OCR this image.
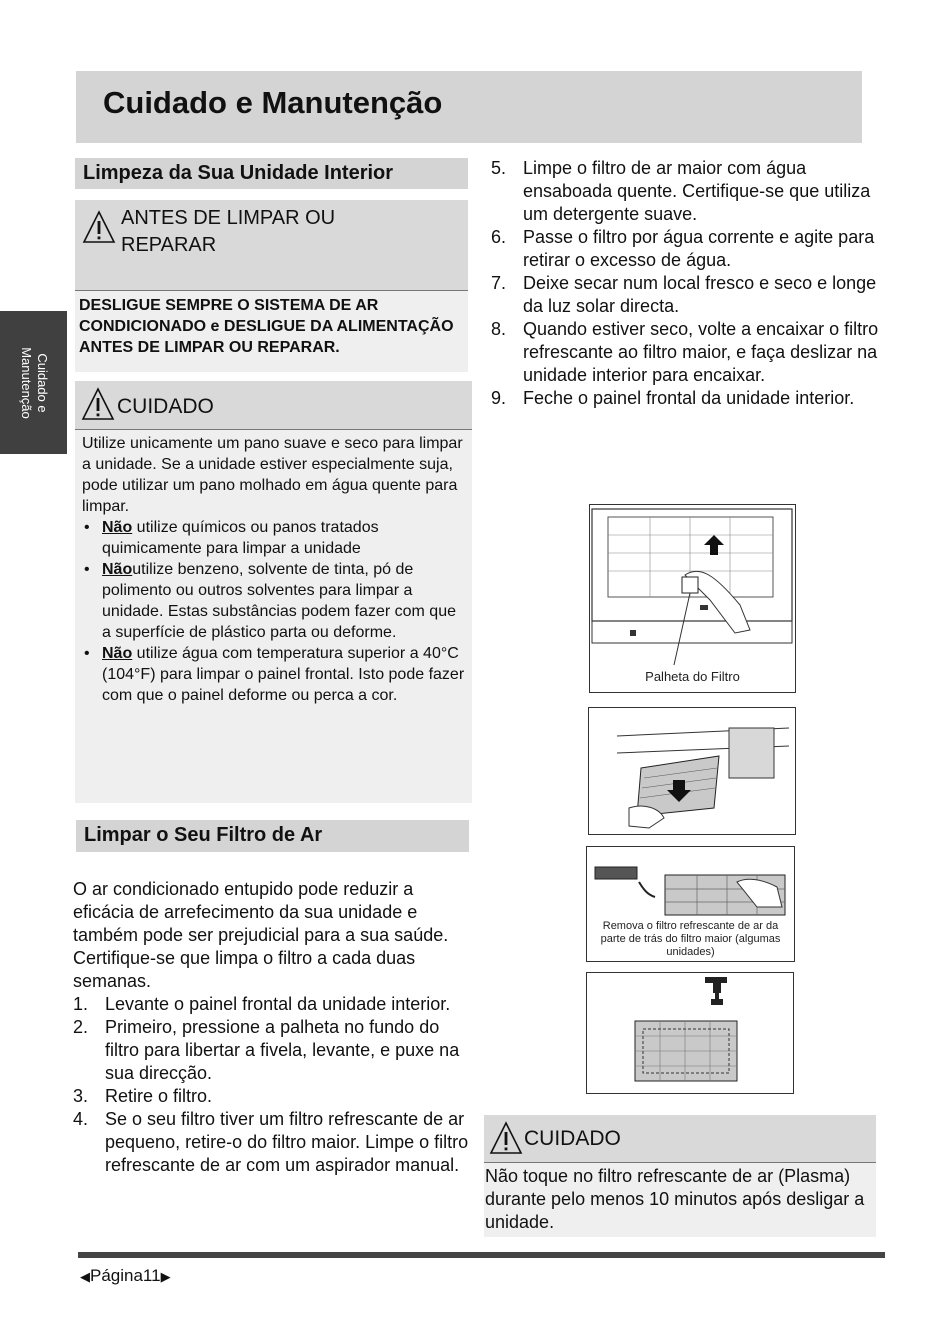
Cuidado e Manutenção
Cuidado e
Manutenção
Limpeza da Sua Unidade Interior
ANTES DE LIMPAR OU REPARAR
DESLIGUE SEMPRE O SISTEMA DE AR CONDICIONADO e DESLIGUE DA ALIMENTAÇÃO ANTES DE LIMPAR OU REPARAR.
CUIDADO

Utilize unicamente um pano suave e seco para limpar a unidade. Se a unidade estiver especialmente suja, pode utilizar um pano molhado em água quente para limpar.

• Não utilize químicos ou panos tratados quimicamente para limpar a unidade
• Nãoutilize benzeno, solvente de tinta, pó de polimento ou outros solventes para limpar a unidade. Estas substâncias podem fazer com que a superfície de plástico parta ou deforme.
• Não utilize água com temperatura superior a 40°C (104°F) para limpar o painel frontal. Isto pode fazer com que o painel deforme ou perca a cor.
Limpar o Seu Filtro de Ar
O ar condicionado entupido pode reduzir a eficácia de arrefecimento da sua unidade e também pode ser prejudicial para a sua saúde. Certifique-se que limpa o filtro a cada duas semanas.
1. Levante o painel frontal da unidade interior.
2. Primeiro, pressione a palheta no fundo do filtro para libertar a fivela, levante, e puxe na sua direcção.
3. Retire o filtro.
4. Se o seu filtro tiver um filtro refrescante de ar pequeno, retire-o do filtro maior. Limpe o filtro refrescante de ar com um aspirador manual.
5. Limpe o filtro de ar maior com água ensaboada quente. Certifique-se que utiliza um detergente suave.
6. Passe o filtro por água corrente e agite para retirar o excesso de água.
7. Deixe secar num local fresco e seco e longe da luz solar directa.
8. Quando estiver seco, volte a encaixar o filtro refrescante ao filtro maior, e faça deslizar na unidade interior para encaixar.
9. Feche o painel frontal da unidade interior.
Palheta do Filtro
Remova o filtro refrescante de ar da parte de trás do filtro maior (algumas unidades)
CUIDADO
Não toque no filtro refrescante de ar (Plasma) durante pelo menos 10 minutos após desligar a unidade.
◀Página11▶
